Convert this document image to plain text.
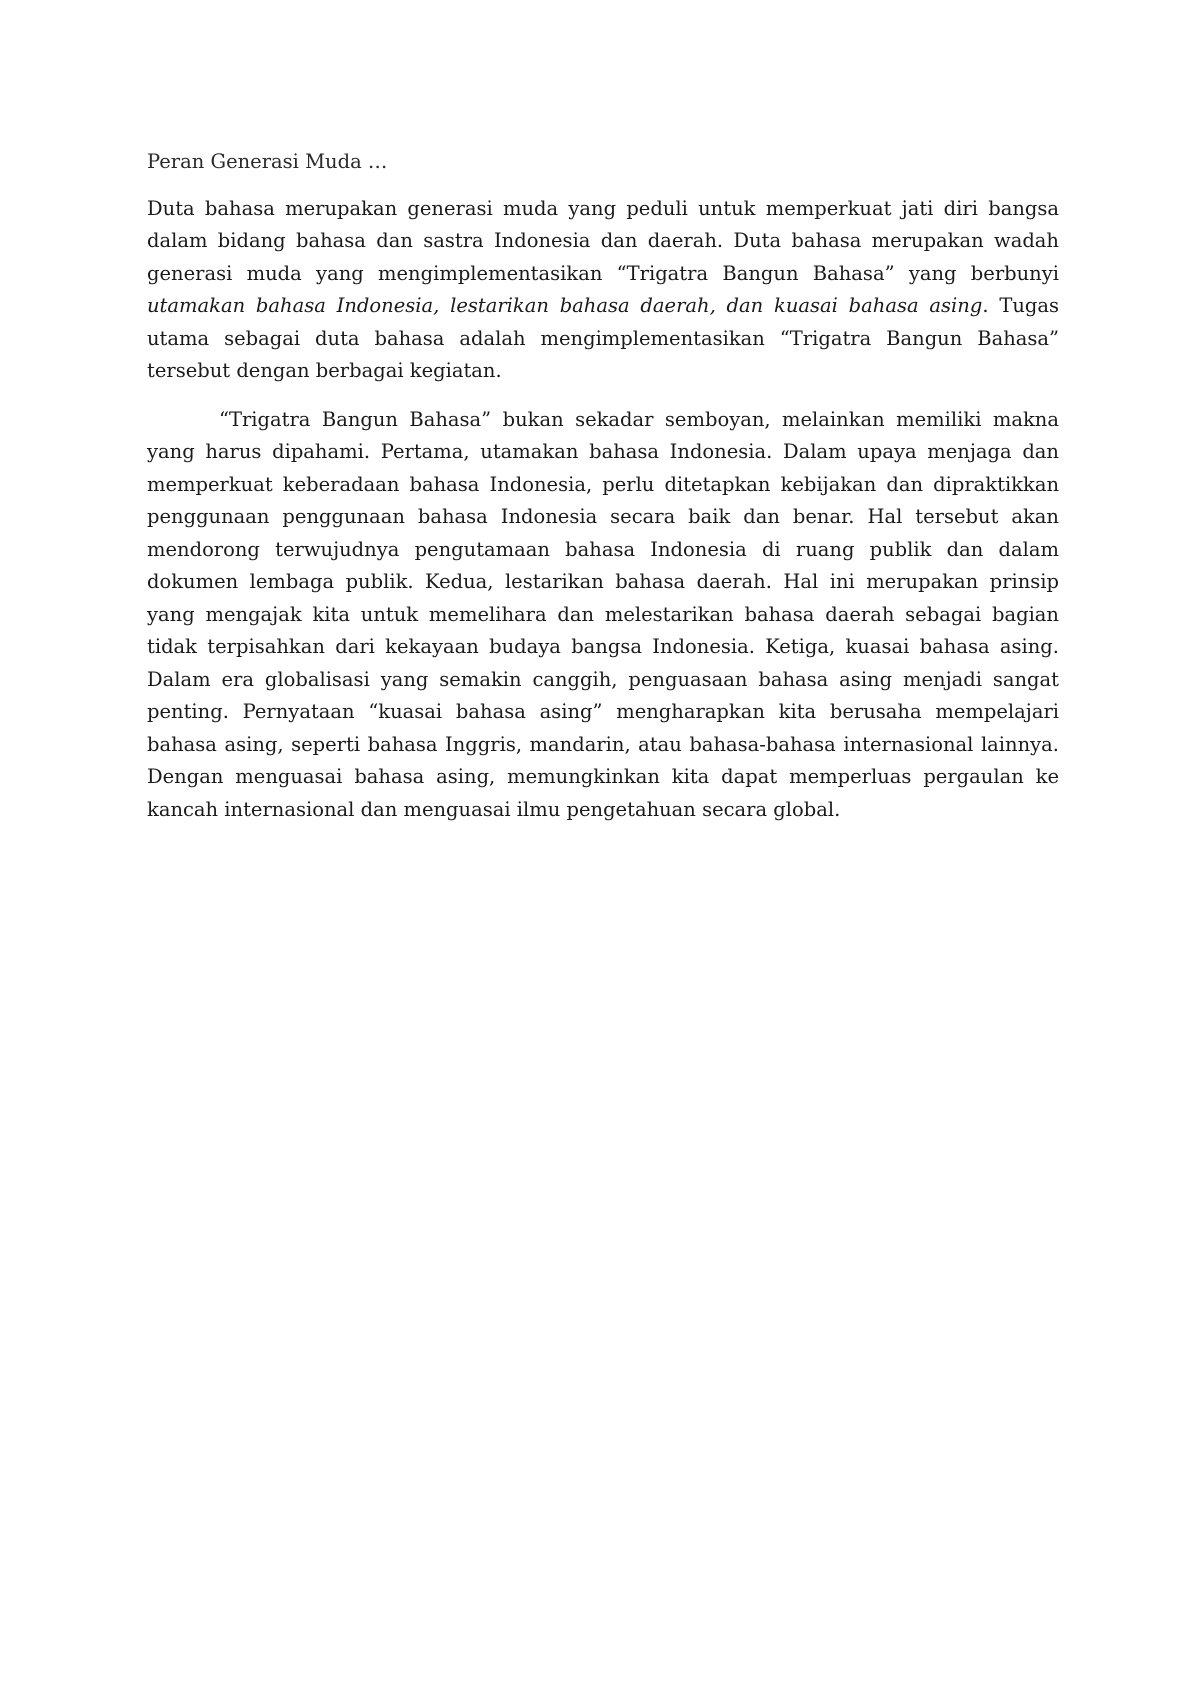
Peran Generasi Muda …

Duta bahasa merupakan generasi muda yang peduli untuk memperkuat jati diri bangsa dalam bidang bahasa dan sastra Indonesia dan daerah. Duta bahasa merupakan wadah generasi muda yang mengimplementasikan “Trigatra Bangun Bahasa” yang berbunyi utamakan bahasa Indonesia, lestarikan bahasa daerah, dan kuasai bahasa asing. Tugas utama sebagai duta bahasa adalah mengimplementasikan “Trigatra Bangun Bahasa” tersebut dengan berbagai kegiatan.

“Trigatra Bangun Bahasa” bukan sekadar semboyan, melainkan memiliki makna yang harus dipahami. Pertama, utamakan bahasa Indonesia. Dalam upaya menjaga dan memperkuat keberadaan bahasa Indonesia, perlu ditetapkan kebijakan dan dipraktikkan penggunaan penggunaan bahasa Indonesia secara baik dan benar. Hal tersebut akan mendorong terwujudnya pengutamaan bahasa Indonesia di ruang publik dan dalam dokumen lembaga publik. Kedua, lestarikan bahasa daerah. Hal ini merupakan prinsip yang mengajak kita untuk memelihara dan melestarikan bahasa daerah sebagai bagian tidak terpisahkan dari kekayaan budaya bangsa Indonesia. Ketiga, kuasai bahasa asing. Dalam era globalisasi yang semakin canggih, penguasaan bahasa asing menjadi sangat penting. Pernyataan “kuasai bahasa asing” mengharapkan kita berusaha mempelajari bahasa asing, seperti bahasa Inggris, mandarin, atau bahasa-bahasa internasional lainnya. Dengan menguasai bahasa asing, memungkinkan kita dapat memperluas pergaulan ke kancah internasional dan menguasai ilmu pengetahuan secara global.
